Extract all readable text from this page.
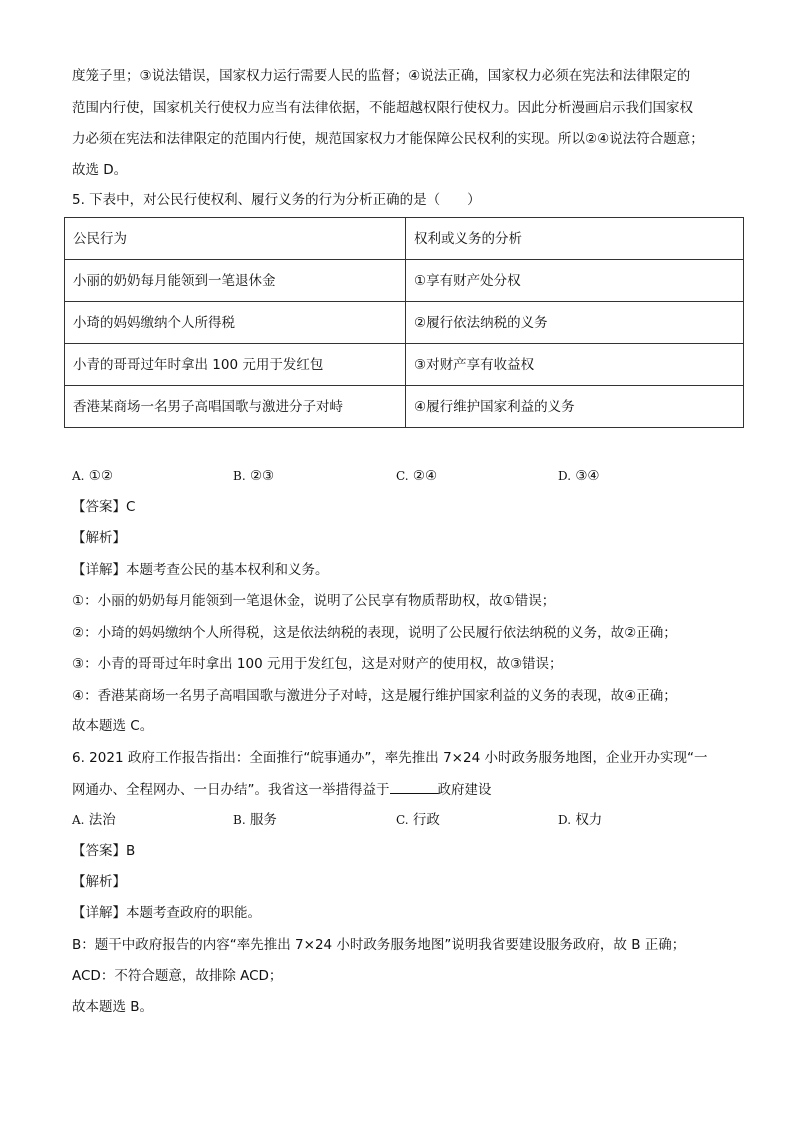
度笼子里；③说法错误，国家权力运行需要人民的监督；④说法正确，国家权力必须在宪法和法律限定的
范围内行使，国家机关行使权力应当有法律依据，不能超越权限行使权力。因此分析漫画启示我们国家权
力必须在宪法和法律限定的范围内行使，规范国家权力才能保障公民权利的实现。所以②④说法符合题意；
故选 D。
5. 下表中，对公民行使权利、履行义务的行为分析正确的是（　　）
公民行为	权利或义务的分析
小丽的奶奶每月能领到一笔退休金	①享有财产处分权
小琦的妈妈缴纳个人所得税	②履行依法纳税的义务
小青的哥哥过年时拿出 100 元用于发红包	③对财产享有收益权
香港某商场一名男子高唱国歌与激进分子对峙	④履行维护国家利益的义务
A. ①②	B. ②③	C. ②④	D. ③④
【答案】C
【解析】
【详解】本题考查公民的基本权利和义务。
①：小丽的奶奶每月能领到一笔退休金，说明了公民享有物质帮助权，故①错误；
②：小琦的妈妈缴纳个人所得税，这是依法纳税的表现，说明了公民履行依法纳税的义务，故②正确；
③：小青的哥哥过年时拿出 100 元用于发红包，这是对财产的使用权，故③错误；
④：香港某商场一名男子高唱国歌与激进分子对峙，这是履行维护国家利益的义务的表现，故④正确；
故本题选 C。
6. 2021 政府工作报告指出：全面推行“皖事通办”，率先推出 7×24 小时政务服务地图，企业开办实现“一
网通办、全程网办、一日办结”。我省这一举措得益于	政府建设
A. 法治	B. 服务	C. 行政	D. 权力
【答案】B
【解析】
【详解】本题考查政府的职能。
B：题干中政府报告的内容“率先推出 7×24 小时政务服务地图”说明我省要建设服务政府，故 B 正确；
ACD：不符合题意，故排除 ACD；
故本题选 B。
